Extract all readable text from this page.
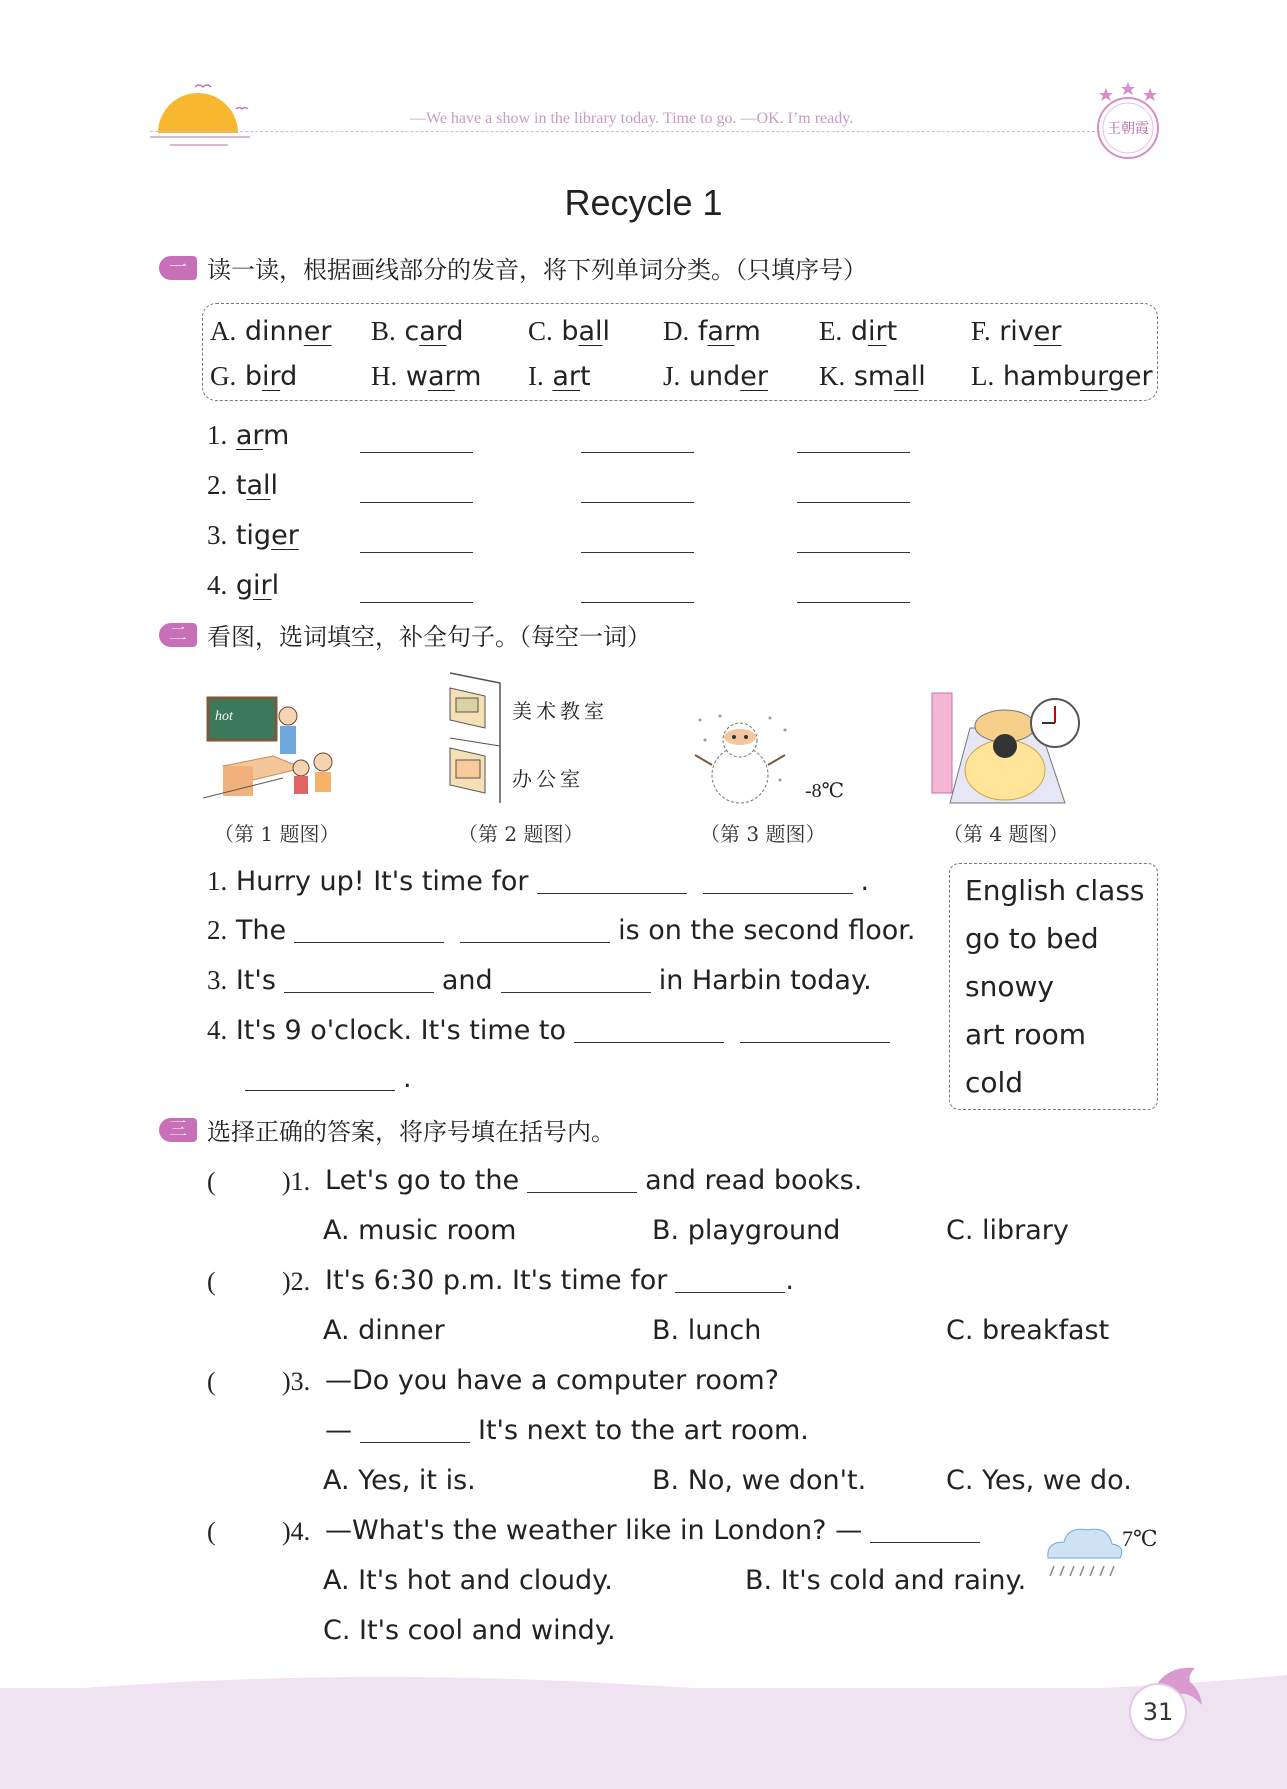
—We have a show in the library today. Time to go. —OK. I’m ready.
王朝霞
Recycle 1
一 读一读，根据画线部分的发音，将下列单词分类。（只填序号）
二 看图，选词填空，补全句子。（每空一词）
hot	美术教室
办公室	-8℃
三 选择正确的答案，将序号填在括号内。
7℃
31
A. dinner B. card C. ball D. farm E. dirt	F. river
G. bird	H. warm I. art	J. under K. small L. hamburger
1. arm
2. tall
3. tiger
4. girl
（第 1 题图）	（第 2 题图）	（第 3 题图）	（第 4 题图）
English class
go to bed
snowy
art room
cold
1. Hurry up! It's time for	.
2. The	is on the second floor.
3. It's	and	in Harbin today.
4. It's 9 o'clock. It's time to
.
(	)1. Let's go to the	and read books.
A. music room	B. playground	C. library
(	)2. It's 6:30 p.m. It's time for	.
A. dinner	B. lunch	C. breakfast
(	)3. —Do you have a computer room?
—	It's next to the art room.
A. Yes, it is.	B. No, we don't.	C. Yes, we do.
(	)4. —What's the weather like in London? —
A. It's hot and cloudy.	B. It's cold and rainy.
C. It's cool and windy.
